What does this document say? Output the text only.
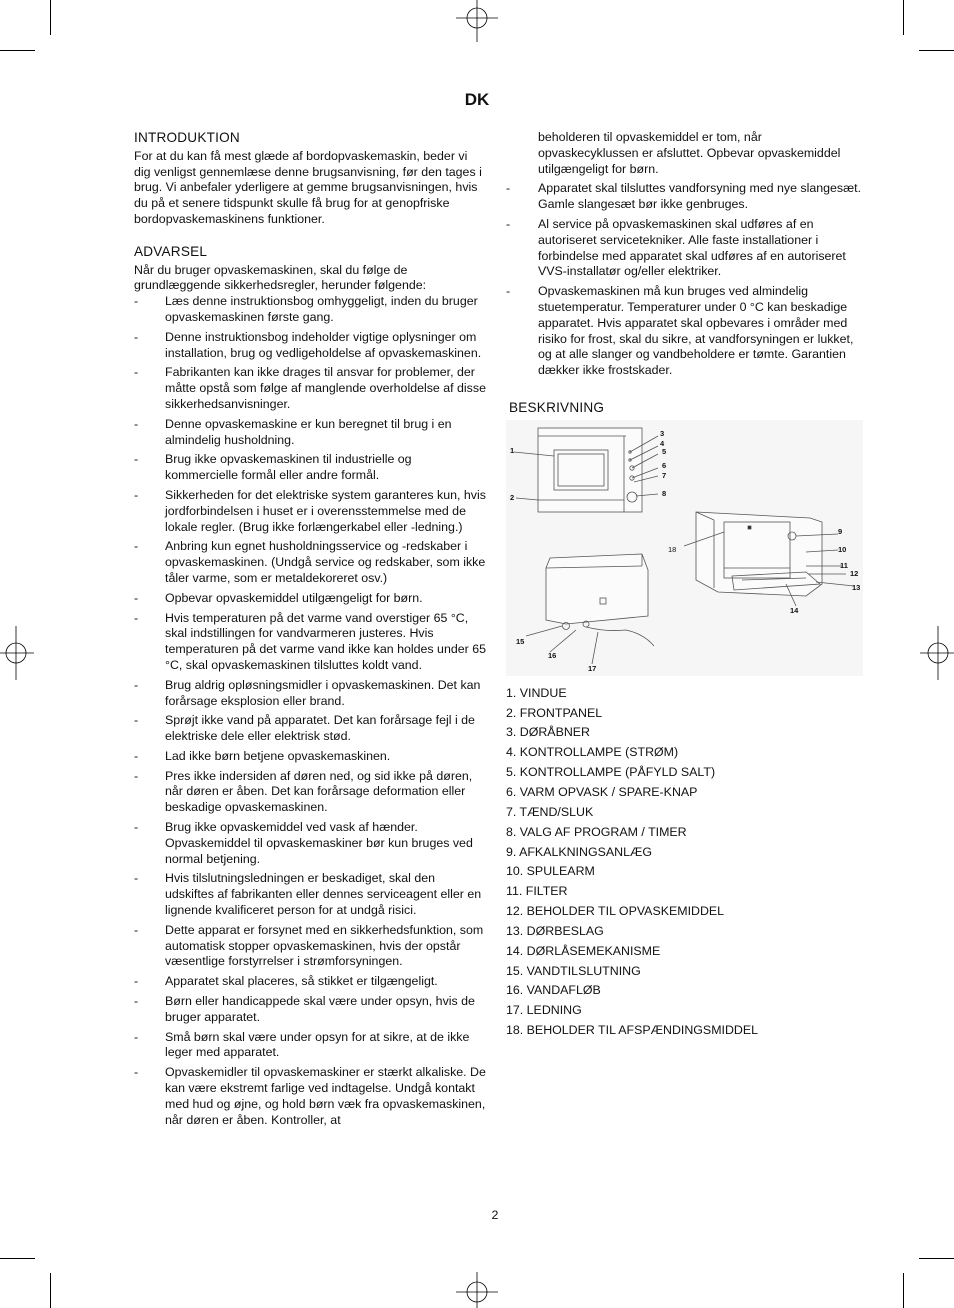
DK
INTRODUKTION

For at du kan få mest glæde af bordopvaskemaskin, beder vi dig venligst gennemlæse denne brugsanvisning, før den tages i brug. Vi anbefaler yderligere at gemme brugsanvisningen, hvis du på et senere tidspunkt skulle få brug for at genopfriske bordopvaskemaskinens funktioner.

ADVARSEL

Når du bruger opvaskemaskinen, skal du følge de grundlæggende sikkerhedsregler, herunder følgende:

- Læs denne instruktionsbog omhyggeligt, inden du bruger opvaskemaskinen første gang.
- Denne instruktionsbog indeholder vigtige oplysninger om installation, brug og vedligeholdelse af opvaskemaskinen.
- Fabrikanten kan ikke drages til ansvar for problemer, der måtte opstå som følge af manglende overholdelse af disse sikkerhedsanvisninger.
- Denne opvaskemaskine er kun beregnet til brug i en almindelig husholdning.
- Brug ikke opvaskemaskinen til industrielle og kommercielle formål eller andre formål.
- Sikkerheden for det elektriske system garanteres kun, hvis jordforbindelsen i huset er i overensstemmelse med de lokale regler. (Brug ikke forlængerkabel eller -ledning.)
- Anbring kun egnet husholdningsservice og -redskaber i opvaskemaskinen. (Undgå service og redskaber, som ikke tåler varme, som er metaldekoreret osv.)
- Opbevar opvaskemiddel utilgængeligt for børn.
- Hvis temperaturen på det varme vand overstiger 65 °C, skal indstillingen for vandvarmeren justeres. Hvis temperaturen på det varme vand ikke kan holdes under 65 °C, skal opvaskemaskinen tilsluttes koldt vand.
- Brug aldrig opløsningsmidler i opvaskemaskinen. Det kan forårsage eksplosion eller brand.
- Sprøjt ikke vand på apparatet. Det kan forårsage fejl i de elektriske dele eller elektrisk stød.
- Lad ikke børn betjene opvaskemaskinen.
- Pres ikke indersiden af døren ned, og sid ikke på døren, når døren er åben. Det kan forårsage deformation eller beskadige opvaskemaskinen.
- Brug ikke opvaskemiddel ved vask af hænder. Opvaskemiddel til opvaskemaskiner bør kun bruges ved normal betjening.
- Hvis tilslutningsledningen er beskadiget, skal den udskiftes af fabrikanten eller dennes serviceagent eller en lignende kvalificeret person for at undgå risici.
- Dette apparat er forsynet med en sikkerhedsfunktion, som automatisk stopper opvaskemaskinen, hvis der opstår væsentlige forstyrrelser i strømforsyningen.
- Apparatet skal placeres, så stikket er tilgængeligt.
- Børn eller handicappede skal være under opsyn, hvis de bruger apparatet.
- Små børn skal være under opsyn for at sikre, at de ikke leger med apparatet.
- Opvaskemidler til opvaskemaskiner er stærkt alkaliske. De kan være ekstremt farlige ved indtagelse. Undgå kontakt med hud og øjne, og hold børn væk fra opvaskemaskinen, når døren er åben. Kontroller, at

beholderen til opvaskemiddel er tom, når opvaskecyklussen er afsluttet. Opbevar opvaskemiddel utilgængeligt for børn.

- Apparatet skal tilsluttes vandforsyning med nye slangesæt. Gamle slangesæt bør ikke genbruges.
- Al service på opvaskemaskinen skal udføres af en autoriseret servicetekniker. Alle faste installationer i forbindelse med apparatet skal udføres af en autoriseret VVS-installatør og/eller elektriker.
- Opvaskemaskinen må kun bruges ved almindelig stuetemperatur. Temperaturer under 0 °C kan beskadige apparatet. Hvis apparatet skal opbevares i områder med risiko for frost, skal du sikre, at vandforsyningen er lukket, og at alle slanger og vandbeholdere er tømte. Garantien dækker ikke frostskader.
BESKRIVNING
1. VINDUE
2. FRONTPANEL
3. DØRÅBNER
4. KONTROLLAMPE (STRØM)
5. KONTROLLAMPE (PÅFYLD SALT)
6. VARM OPVASK / SPARE-KNAP
7. TÆND/SLUK
8. VALG AF PROGRAM / TIMER
9. AFKALKNINGSANLÆG
10. SPULEARM
11. FILTER
12. BEHOLDER TIL OPVASKEMIDDEL
13. DØRBESLAG
14. DØRLÅSEMEKANISME
15. VANDTILSLUTNING
16. VANDAFLØB
17. LEDNING
18. BEHOLDER TIL AFSPÆNDINGSMIDDEL
1
2
3
4
5
6
7
8
9
10
11
12
13
14
15
16
17
18
2
